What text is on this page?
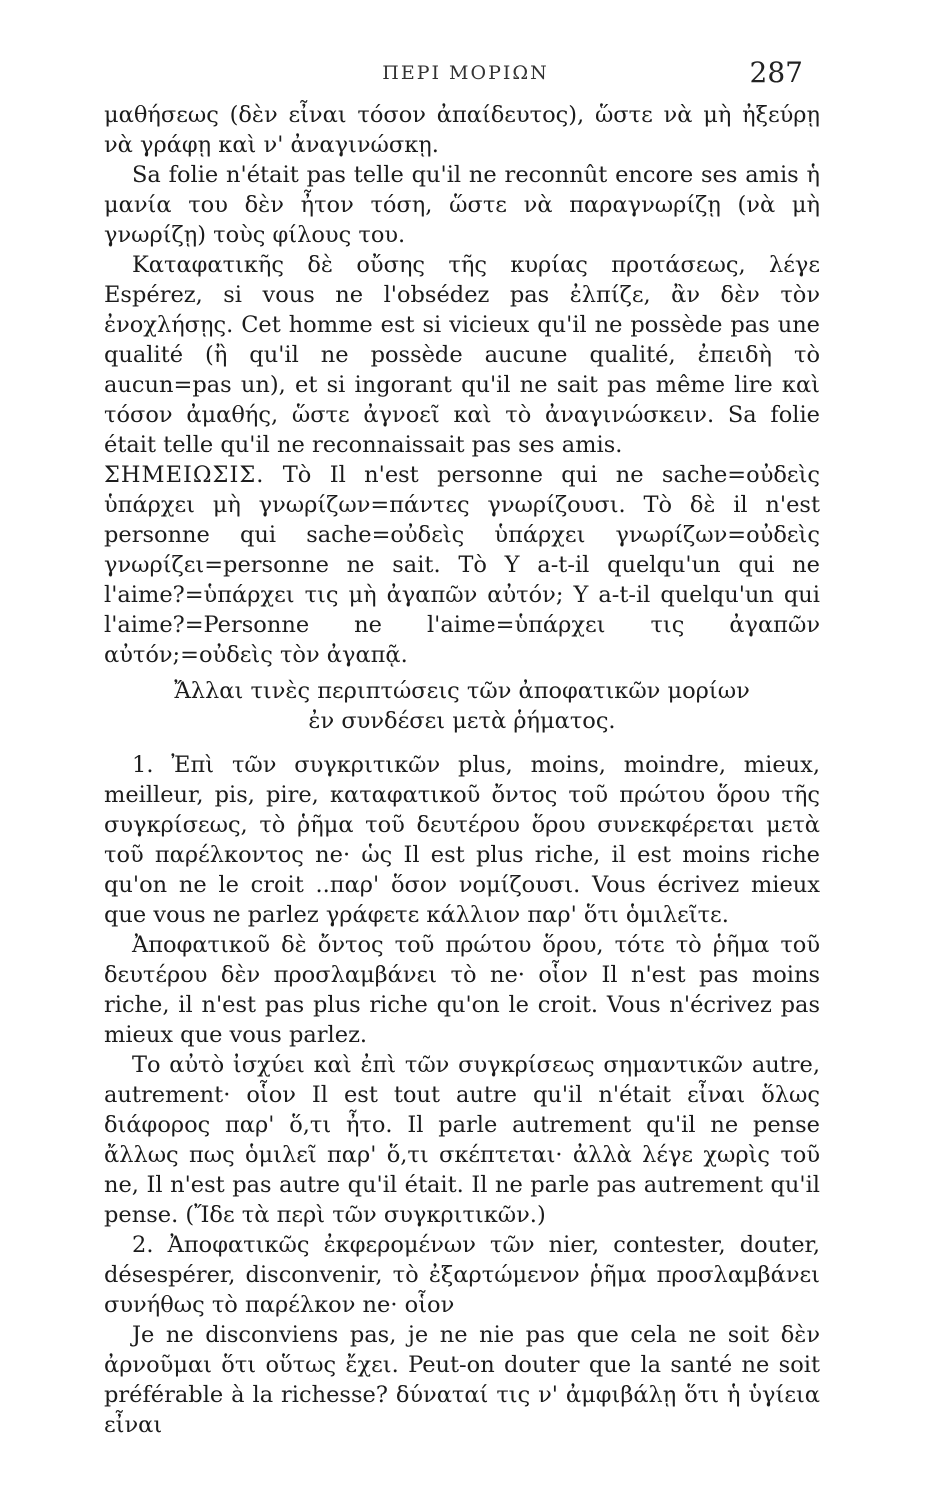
ΠΕΡΙ ΜΟΡΙΩΝ	287

μαθήσεως (δὲν εἶναι τόσον ἀπαίδευτος), ὥστε νὰ μὴ ἠξεύρῃ νὰ γράφῃ καὶ ν' ἀναγινώσκῃ.

Sa folie n'était pas telle qu'il ne reconnût encore ses amis ἡ μανία του δὲν ἦτον τόση, ὥστε νὰ παραγνωρίζῃ (νὰ μὴ γνωρίζῃ) τοὺς φίλους του.

Καταφατικῆς δὲ οὔσης τῆς κυρίας προτάσεως, λέγε Espérez, si vous ne l'obsédez pas ἐλπίζε, ἂν δὲν τὸν ἐνοχλήσῃς. Cet homme est si vicieux qu'il ne possède pas une qualité (ἢ qu'il ne possède aucune qualité, ἐπειδὴ τὸ aucun=pas un), et si ingorant qu'il ne sait pas même lire καὶ τόσον ἀμαθής, ὥστε ἀγνοεῖ καὶ τὸ ἀναγινώσκειν. Sa folie était telle qu'il ne reconnaissait pas ses amis.

ΣΗΜΕΙΩΣΙΣ. Τὸ Il n'est personne qui ne sache=οὐδεὶς ὑπάρχει μὴ γνωρίζων=πάντες γνωρίζουσι. Τὸ δὲ il n'est personne qui sache=οὐδεὶς ὑπάρχει γνωρίζων=οὐδεὶς γνωρίζει=personne ne sait. Τὸ Y a-t-il quelqu'un qui ne l'aime?=ὑπάρχει τις μὴ ἀγαπῶν αὐτόν; Y a-t-il quelqu'un qui l'aime?=Personne ne l'aime=ὑπάρχει τις ἀγαπῶν αὐτόν;=οὐδεὶς τὸν ἀγαπᾷ.

Ἄλλαι τινὲς περιπτώσεις τῶν ἀποφατικῶν μορίων
ἐν συνδέσει μετὰ ῥήματος.

1. Ἐπὶ τῶν συγκριτικῶν plus, moins, moindre, mieux, meilleur, pis, pire, καταφατικοῦ ὄντος τοῦ πρώτου ὅρου τῆς συγκρίσεως, τὸ ῥῆμα τοῦ δευτέρου ὅρου συνεκφέρεται μετὰ τοῦ παρέλκοντος ne· ὡς Il est plus riche, il est moins riche qu'on ne le croit ..παρ' ὅσον νομίζουσι. Vous écrivez mieux que vous ne parlez γράφετε κάλλιον παρ' ὅτι ὁμιλεῖτε.

Ἀποφατικοῦ δὲ ὄντος τοῦ πρώτου ὅρου, τότε τὸ ῥῆμα τοῦ δευτέρου δὲν προσλαμβάνει τὸ ne· οἷον Il n'est pas moins riche, il n'est pas plus riche qu'on le croit. Vous n'écrivez pas mieux que vous parlez.

Το αὐτὸ ἰσχύει καὶ ἐπὶ τῶν συγκρίσεως σημαντικῶν autre, autrement· οἷον Il est tout autre qu'il n'était εἶναι ὅλως διάφορος παρ' ὅ,τι ἦτο. Il parle autrement qu'il ne pense ἄλλως πως ὁμιλεῖ παρ' ὅ,τι σκέπτεται· ἀλλὰ λέγε χωρὶς τοῦ ne, Il n'est pas autre qu'il était. Il ne parle pas autrement qu'il pense. (Ἴδε τὰ περὶ τῶν συγκριτικῶν.)

2. Ἀποφατικῶς ἐκφερομένων τῶν nier, contester, douter, désespérer, disconvenir, τὸ ἐξαρτώμενον ῥῆμα προσλαμβάνει συνήθως τὸ παρέλκον ne· οἷον

Je ne disconviens pas, je ne nie pas que cela ne soit δὲν ἀρνοῦμαι ὅτι οὕτως ἔχει. Peut-on douter que la santé ne soit préférable à la richesse? δύναταί τις ν' ἀμφιβάλῃ ὅτι ἡ ὑγίεια εἶναι
